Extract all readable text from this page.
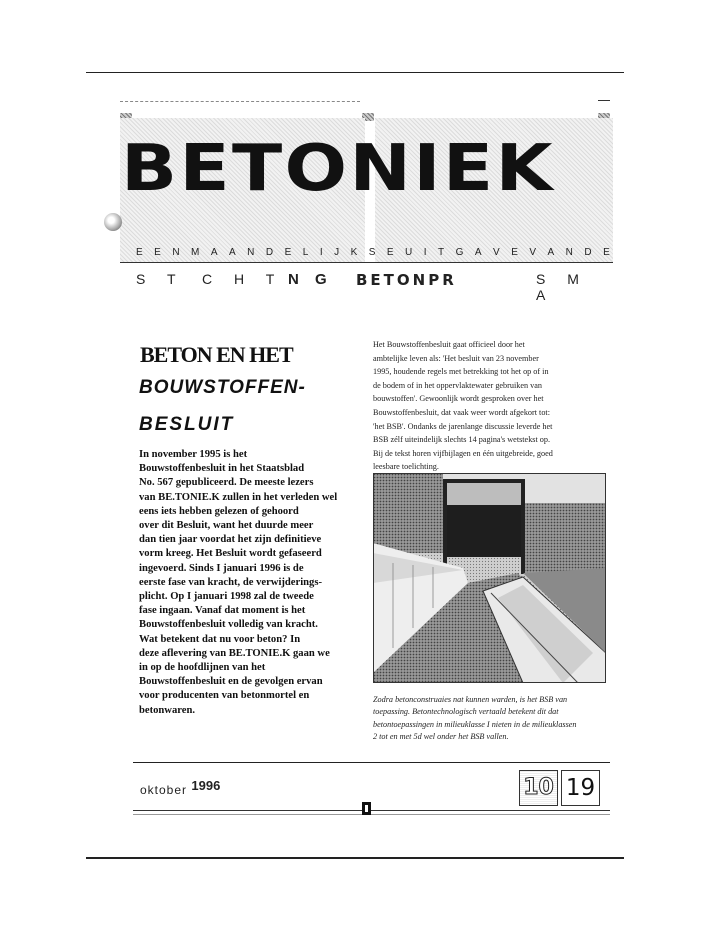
BETONIEK
E E N M A A N D E L I J K S E U I T G A V E V A N D E
S T C H T N G BETONPR	S M A
BETON EN HET
BOUWSTOFFEN-
BESLUIT
In november 1995 is het
Bouwstoffenbesluit in het Staatsblad
No. 567 gepubliceerd. De meeste lezers
van BE.TONIE.K zullen in het verleden wel
eens iets hebben gelezen of gehoord
over dit Besluit, want het duurde meer
dan tien jaar voordat het zijn definitieve
vorm kreeg. Het Besluit wordt gefaseerd
ingevoerd. Sinds I januari 1996 is de
eerste fase van kracht, de verwijderings-
plicht. Op I januari 1998 zal de tweede
fase ingaan. Vanaf dat moment is het
Bouwstoffenbesluit volledig van kracht.
Wat betekent dat nu voor beton? In
deze aflevering van BE.TONIE.K gaan we
in op de hoofdlijnen van het
Bouwstoffenbesluit en de gevolgen ervan
voor producenten van betonmortel en
betonwaren.
Het Bouwstoffenbesluit gaat officieel door het
ambtelijke leven als: 'Het besluit van 23 november
1995, houdende regels met betrekking tot het op of in
de bodem of in het oppervlaktewater gebruiken van
bouwstoffen'. Gewoonlijk wordt gesproken over het
Bouwstoffenbesluit, dat vaak weer wordt afgekort tot:
'het BSB'. Ondanks de jarenlange discussie leverde het
BSB zélf uiteindelijk slechts 14 pagina's wetstekst op.
Bij de tekst horen vijfbijlagen en één uitgebreide, goed
leesbare toelichting.
Zodra betonconstruaies nat kunnen warden, is het BSB van
toepassing. Betontechnologisch vertaald betekent dit dat
betontoepassingen in milieuklasse I nieten in de milieuklassen
2 tot en met 5d wel onder het BSB vallen.
oktober 1996	10 19
